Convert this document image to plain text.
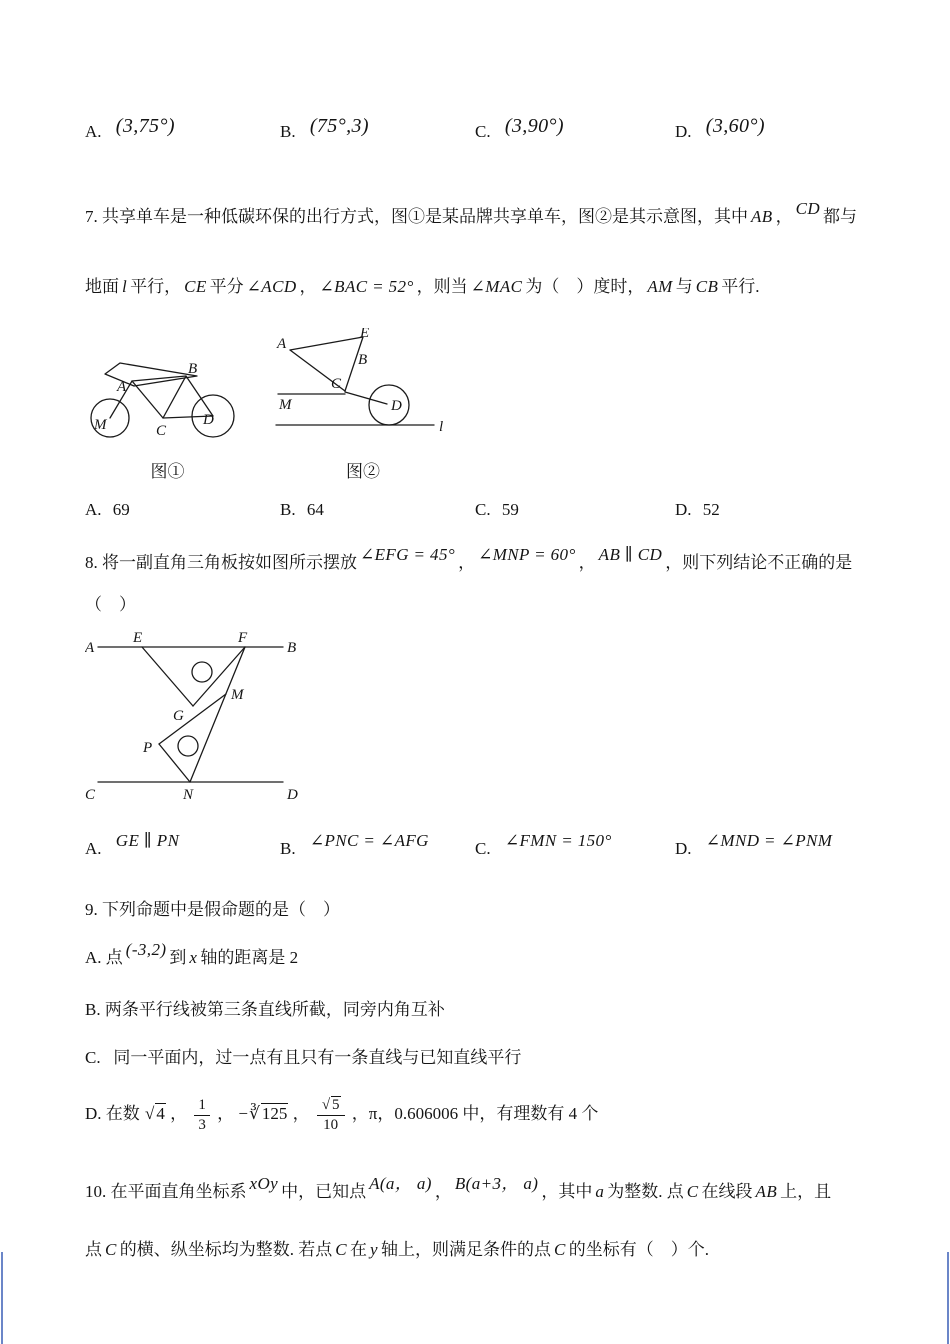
A. (3,75°)	B. (75°,3)	C. (3,90°)	D. (3,60°)

7. 共享单车是一种低碳环保的出行方式，图①是某品牌共享单车，图②是其示意图，其中 AB ， CD 都与

地面 l 平行， CE 平分 ∠ACD ， ∠BAC = 52° ，则当 ∠MAC 为（    ）度时， AM 与 CB 平行.

A
B
C
M	D
图①
A
E
B
C
M	D
l
图②
A. 69	B. 64	C. 59	D. 52

8. 将一副直角三角板按如图所示摆放 ∠EFG = 45° ， ∠MNP = 60° ， AB ∥ CD ，则下列结论不正确的是

（    ）

A	B
E	F
G
M
P
C	D
N
A. GE ∥ PN	B. ∠PNC = ∠AFG	C. ∠FMN = 150°	D. ∠MND = ∠PNM

9. 下列命题中是假命题的是（    ）

A. 点 (-3,2) 到 x 轴的距离是 2

B. 两条平行线被第三条直线所截，同旁内角互补

C.   同一平面内，过一点有且只有一条直线与已知直线平行

D. 在数 √ 4 ， $\frac{1}{3}$ ， −∛ 125 ， $\frac{√ 5}{10}$ ，π，0.606006 中，有理数有 4 个

10. 在平面直角坐标系 xOy 中，已知点 A(a， a) ， B(a+3， a) ，其中 a 为整数. 点 C 在线段 AB 上，且

点 C 的横、纵坐标均为整数. 若点 C 在 y 轴上，则满足条件的点 C 的坐标有（    ）个.
